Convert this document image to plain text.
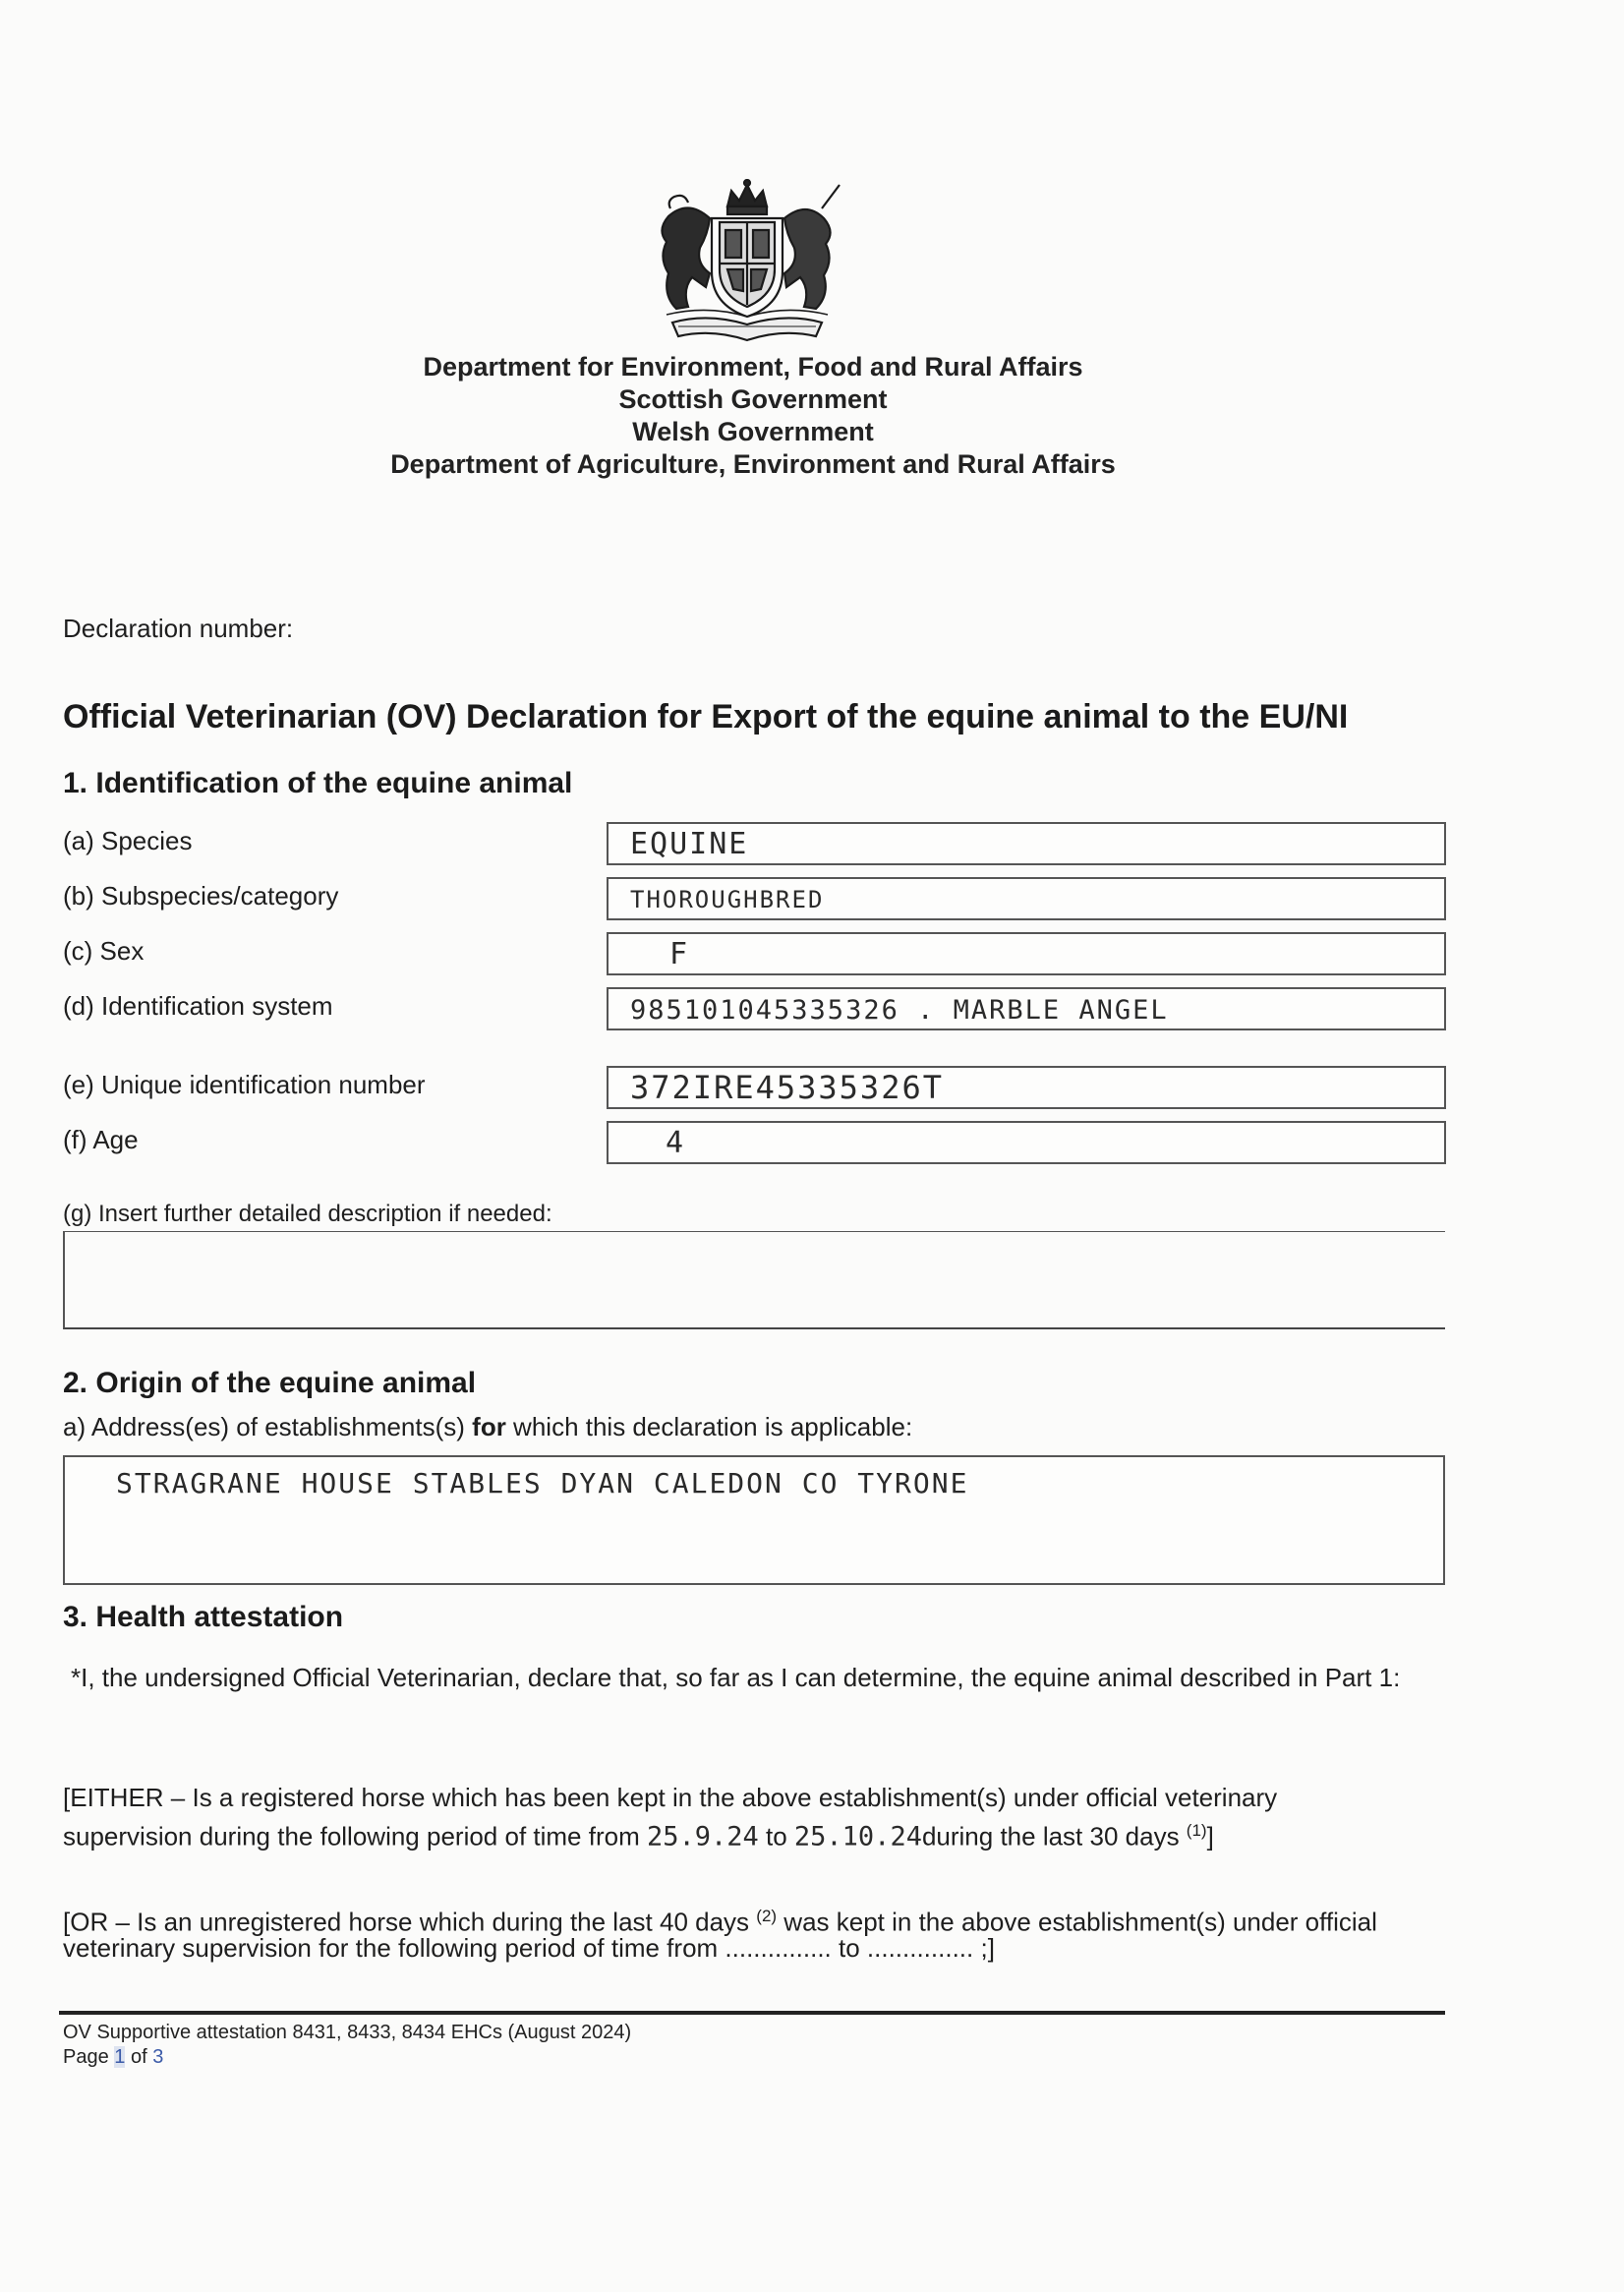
Department for Environment, Food and Rural Affairs
Scottish Government
Welsh Government
Department of Agriculture, Environment and Rural Affairs
Declaration number:
Official Veterinarian (OV) Declaration for Export of the equine animal to the EU/NI
1. Identification of the equine animal
(a) Species	EQUINE
(b) Subspecies/category	THOROUGHBRED
(c) Sex	F
(d) Identification system	985101045335326 . MARBLE ANGEL
(e) Unique identification number	372IRE45335326T
(f) Age	4
(g) Insert further detailed description if needed:
2. Origin of the equine animal
a) Address(es) of establishments(s) for which this declaration is applicable:
STRAGRANE HOUSE STABLES DYAN CALEDON CO TYRONE
3. Health attestation
*I, the undersigned Official Veterinarian, declare that, so far as I can determine, the equine animal described in Part 1:
[EITHER – Is a registered horse which has been kept in the above establishment(s) under official veterinary
supervision during the following period of time from 25.9.24 to 25.10.24during the last 30 days $^{(1)}$]
[OR – Is an unregistered horse which during the last 40 days $^{(2)}$ was kept in the above establishment(s) under official
veterinary supervision for the following period of time from ............... to ............... ;]
OV Supportive attestation 8431, 8433, 8434 EHCs (August 2024)
Page 1 of 3
